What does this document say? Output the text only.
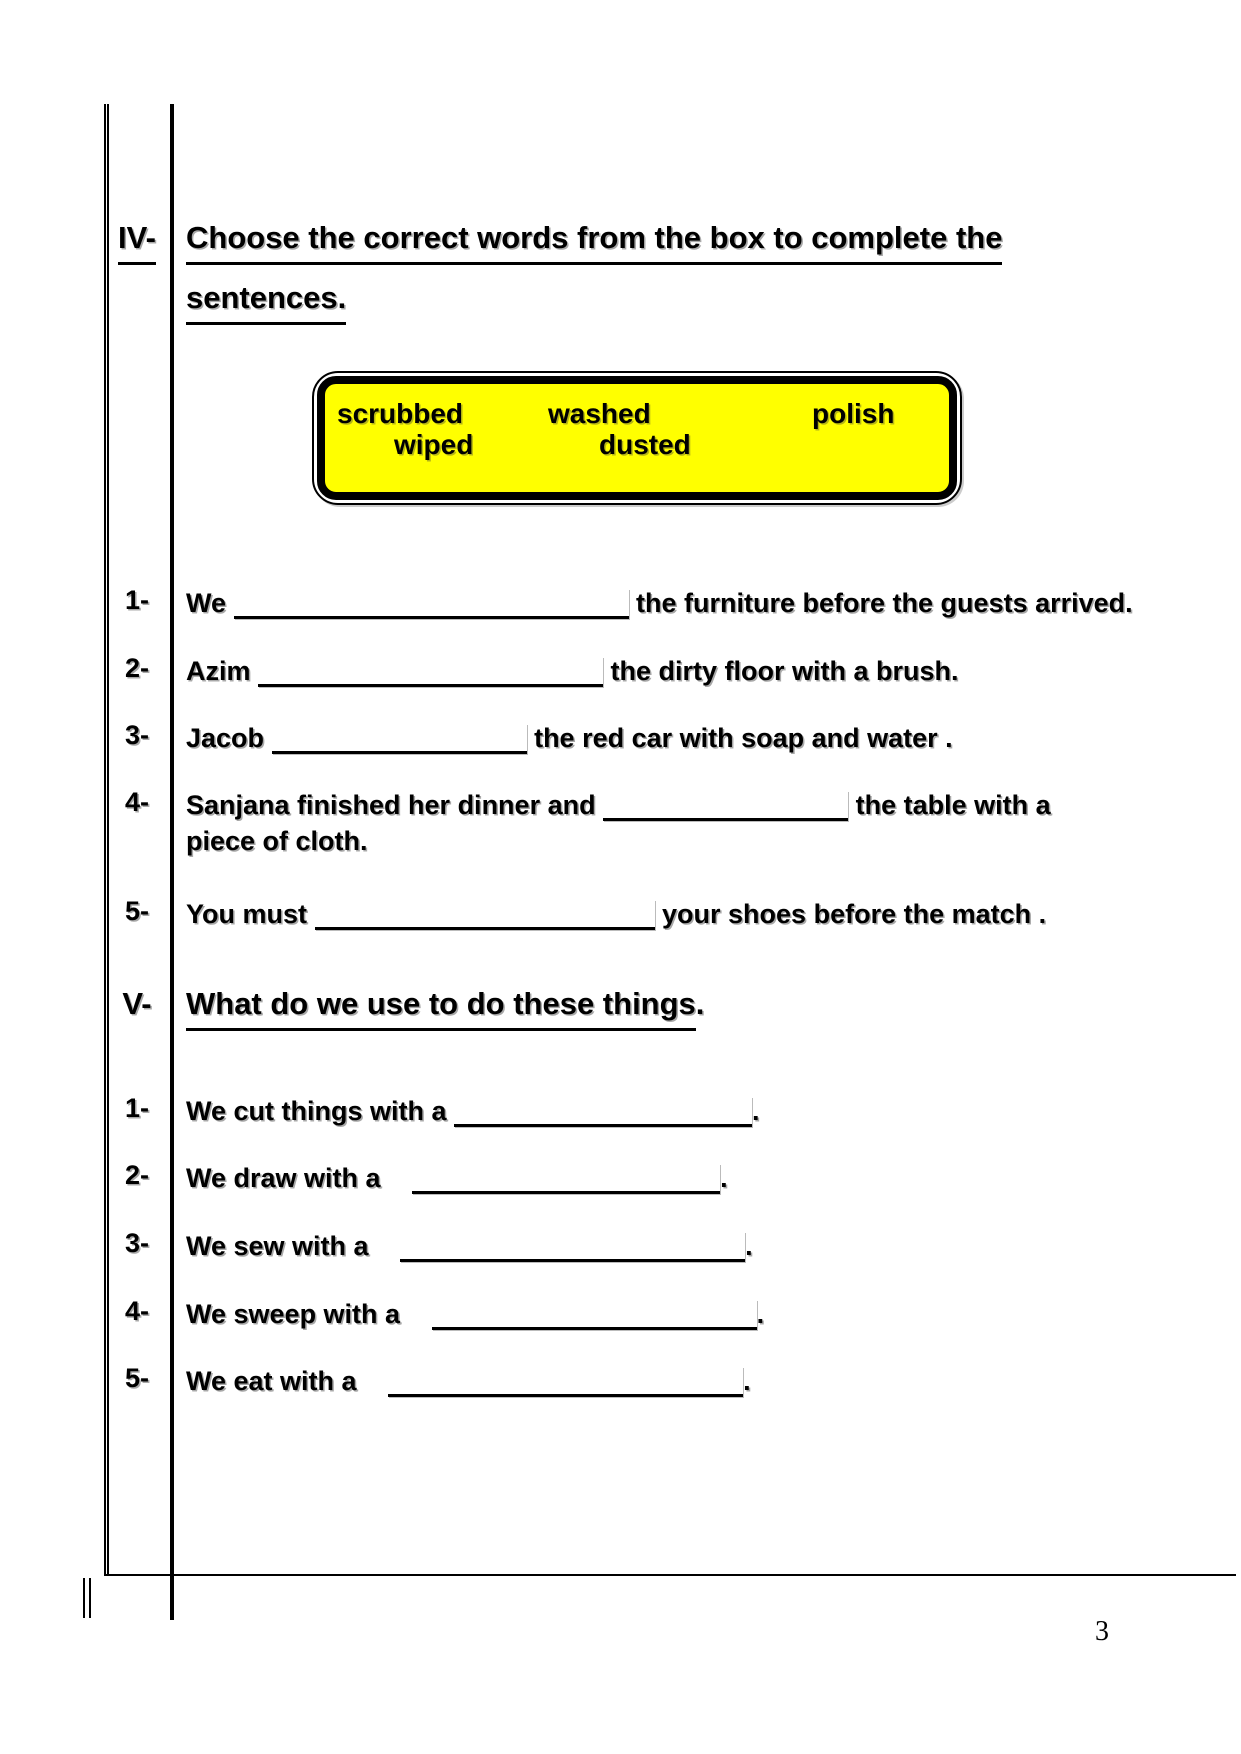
IV- Choose the correct words from the box to complete the
sentences.
scrubbed	washed	polish
wiped	dusted
1-	We	the furniture before the guests arrived.
2-	Azim	the dirty floor with a brush.
3-	Jacob	the red car with soap and water .
4-	Sanjana finished her dinner and	the table with a
piece of cloth.
5-	You must	your shoes before the match .
V-	What do we use to do these things.
1-	We cut things with a	.
2-	We draw with a	.
3-	We sew with a	.
4-	We sweep with a	.
5-	We eat with a	.
3
